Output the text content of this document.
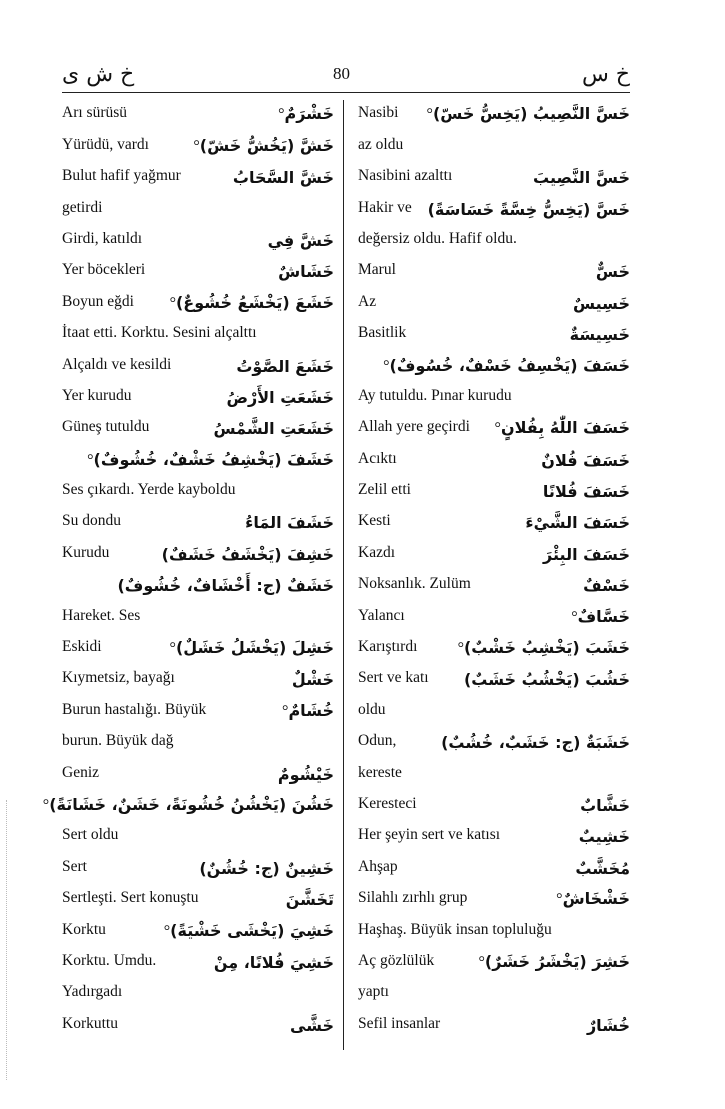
خ ش ى	80	خ س
Arı sürüsü	خَشْرَمٌ°
Yürüdü, vardı	خَشَّ (يَخُشُّ خَشّ)°
Bulut hafif yağmur	خَشَّ السَّحَابُ
getirdi
Girdi, katıldı	خَشَّ فِي
Yer böcekleri	خَشَاشٌ
Boyun eğdi	خَشَعَ (يَخْشَعُ خُشُوعٌ)°
İtaat etti. Korktu. Sesini alçalttı
Alçaldı ve kesildi	خَشَعَ الصَّوْتُ
Yer kurudu	خَشَعَتِ الأَرْضُ
Güneş tutuldu	خَشَعَتِ الشَّمْسُ
خَشَفَ (يَخْشِفُ خَشْفٌ، خُشُوفٌ)°
Ses çıkardı. Yerde kayboldu
Su dondu	خَشَفَ المَاءُ
Kurudu	خَشِفَ (يَخْشَفُ خَشَفٌ)
خَشَفٌ (ج: أَخْشَافٌ، خُشُوفٌ)
Hareket. Ses
Eskidi	خَشِلَ (يَخْشَلُ خَشَلٌ)°
Kıymetsiz, bayağı	خَشْلٌ
Burun hastalığı. Büyük	خُشَامٌ°
burun. Büyük dağ
Geniz	خَيْشُومٌ
خَشُنَ (يَخْشُنُ خُشُونَةً، خَشَنٌ، خَشَانَةً)°
Sert oldu
Sert	خَشِينٌ (ج: خُشُنٌ)
Sertleşti. Sert konuştu	تَخَشَّنَ
Korktu	خَشِيَ (يَخْشَى خَشْيَةً)°
Korktu. Umdu.	خَشِيَ فُلانًا، مِنْ
Yadırgadı
Korkuttu	خَشَّى
Nasibi	خَسَّ النَّصِيبُ (يَخِسُّ خَسّ)°
az oldu
Nasibini azalttı	خَسَّ النَّصِيبَ
Hakir ve خَسَّ (يَخِسُّ خِسَّةً خَسَاسَةً)
değersiz oldu. Hafif oldu.
Marul	خَسٌّ
Az	خَسِيسٌ
Basitlik	خَسِيسَةٌ
خَسَفَ (يَخْسِفُ خَسْفٌ، خُسُوفٌ)°
Ay tutuldu. Pınar kurudu
Allah yere geçirdi	خَسَفَ اللّٰهُ بِفُلانٍ°
Acıktı	خَسَفَ فُلانٌ
Zelil etti	خَسَفَ فُلانًا
Kesti	خَسَفَ الشَّيْءَ
Kazdı	خَسَفَ البِئْرَ
Noksanlık. Zulüm	خَسْفٌ
Yalancı	خَسَّافٌ°
Karıştırdı	خَشَبَ (يَخْشِبُ خَشْبٌ)°
Sert ve katı خَشُبَ (يَخْشُبُ خَشَبٌ)
oldu
Odun,	خَشَبَةٌ (ج: خَشَبٌ، خُشُبٌ)
kereste
Keresteci	خَشَّابٌ
Her şeyin sert ve katısı	خَشِيبٌ
Ahşap	مُخَشَّبٌ
Silahlı zırhlı grup	خَشْخَاشٌ°
Haşhaş. Büyük insan topluluğu
Aç gözlülük	خَشِرَ (يَخْشَرُ خَشَرٌ)°
yaptı
Sefil insanlar	خُشَارٌ
